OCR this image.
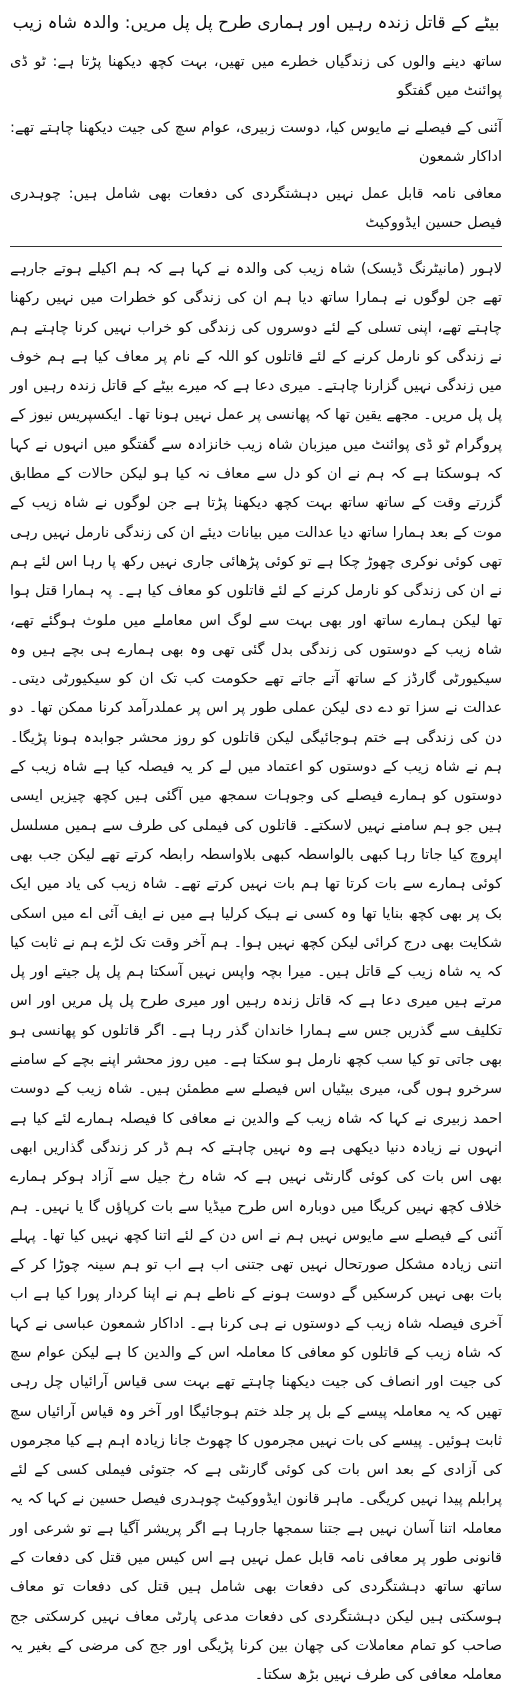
بیٹے کے قاتل زندہ رہیں اور ہماری طرح پل پل مریں: والدہ شاہ زیب

ساتھ دینے والوں کی زندگیاں خطرے میں تھیں، بہت کچھ دیکھنا پڑتا ہے: ٹو ڈی پوائنٹ میں گفتگو

آئنی کے فیصلے نے مایوس کیا، دوست زبیری، عوام سچ کی جیت دیکھنا چاہتے تھے: اداکار شمعون

معافی نامہ قابل عمل نہیں دہشتگردی کی دفعات بھی شامل ہیں: چوہدری فیصل حسین ایڈووکیٹ

لاہور (مانیٹرنگ ڈیسک) شاہ زیب کی والدہ نے کہا ہے کہ ہم اکیلے ہوتے جارہے تھے جن لوگوں نے ہمارا ساتھ دیا ہم ان کی زندگی کو خطرات میں نہیں رکھنا چاہتے تھے، اپنی تسلی کے لئے دوسروں کی زندگی کو خراب نہیں کرنا چاہتے ہم نے زندگی کو نارمل کرنے کے لئے قاتلوں کو اللہ کے نام پر معاف کیا ہے ہم خوف میں زندگی نہیں گزارنا چاہتے۔ میری دعا ہے کہ میرے بیٹے کے قاتل زندہ رہیں اور پل پل مریں۔ مجھے یقین تھا کہ پھانسی پر عمل نہیں ہونا تھا۔ ایکسپریس نیوز کے پروگرام ٹو ڈی پوائنٹ میں میزبان شاہ زیب خانزادہ سے گفتگو میں انہوں نے کہا کہ ہوسکتا ہے کہ ہم نے ان کو دل سے معاف نہ کیا ہو لیکن حالات کے مطابق گزرتے وقت کے ساتھ ساتھ بہت کچھ دیکھنا پڑتا ہے جن لوگوں نے شاہ زیب کے موت کے بعد ہمارا ساتھ دیا عدالت میں بیانات دیئے ان کی زندگی نارمل نہیں رہی تھی کوئی نوکری چھوڑ چکا ہے تو کوئی پڑھائی جاری نہیں رکھ پا رہا اس لئے ہم نے ان کی زندگی کو نارمل کرنے کے لئے قاتلوں کو معاف کیا ہے۔ پہ ہمارا قتل ہوا تھا لیکن ہمارے ساتھ اور بھی بہت سے لوگ اس معاملے میں ملوث ہوگئے تھے، شاہ زیب کے دوستوں کی زندگی بدل گئی تھی وہ بھی ہمارے ہی بچے ہیں وہ سیکیورٹی گارڈز کے ساتھ آتے جاتے تھے حکومت کب تک ان کو سیکیورٹی دیتی۔ عدالت نے سزا تو دے دی لیکن عملی طور پر اس پر عملدرآمد کرنا ممکن تھا۔ دو دن کی زندگی ہے ختم ہوجائیگی لیکن قاتلوں کو روز محشر جوابدہ ہونا پڑیگا۔ ہم نے شاہ زیب کے دوستوں کو اعتماد میں لے کر یہ فیصلہ کیا ہے شاہ زیب کے دوستوں کو ہمارے فیصلے کی وجوہات سمجھ میں آگئی ہیں کچھ چیزیں ایسی ہیں جو ہم سامنے نہیں لاسکتے۔ قاتلوں کی فیملی کی طرف سے ہمیں مسلسل اپروچ کیا جاتا رہا کبھی بالواسطہ کبھی بلاواسطہ رابطہ کرتے تھے لیکن جب بھی کوئی ہمارے سے بات کرتا تھا ہم بات نہیں کرتے تھے۔ شاہ زیب کی یاد میں ایک بک پر بھی کچھ بنایا تھا وہ کسی نے ہیک کرلیا ہے میں نے ایف آئی اے میں اسکی شکایت بھی درج کرائی لیکن کچھ نہیں ہوا۔ ہم آخر وقت تک لڑے ہم نے ثابت کیا کہ یہ شاہ زیب کے قاتل ہیں۔ میرا بچہ واپس نہیں آسکتا ہم پل پل جیتے اور پل مرتے ہیں میری دعا ہے کہ قاتل زندہ رہیں اور میری طرح پل پل مریں اور اس تکلیف سے گذریں جس سے ہمارا خاندان گذر رہا ہے۔ اگر قاتلوں کو پھانسی ہو بھی جاتی تو کیا سب کچھ نارمل ہو سکتا ہے۔ میں روز محشر اپنے بچے کے سامنے سرخرو ہوں گی، میری بیٹیاں اس فیصلے سے مطمئن ہیں۔ شاہ زیب کے دوست احمد زبیری نے کہا کہ شاہ زیب کے والدین نے معافی کا فیصلہ ہمارے لئے کیا ہے انہوں نے زیادہ دنیا دیکھی ہے وہ نہیں چاہتے کہ ہم ڈر کر زندگی گذاریں ابھی بھی اس بات کی کوئی گارنٹی نہیں ہے کہ شاہ رخ جیل سے آزاد ہوکر ہمارے خلاف کچھ نہیں کریگا میں دوبارہ اس طرح میڈیا سے بات کرپاؤں گا یا نہیں۔ ہم آئنی کے فیصلے سے مایوس نہیں ہم نے اس دن کے لئے اتنا کچھ نہیں کیا تھا۔ پہلے اتنی زیادہ مشکل صورتحال نہیں تھی جتنی اب ہے اب تو ہم سینہ چوڑا کر کے بات بھی نہیں کرسکیں گے دوست ہونے کے ناطے ہم نے اپنا کردار پورا کیا ہے اب آخری فیصلہ شاہ زیب کے دوستوں نے ہی کرنا ہے۔ اداکار شمعون عباسی نے کہا کہ شاہ زیب کے قاتلوں کو معافی کا معاملہ اس کے والدین کا ہے لیکن عوام سچ کی جیت اور انصاف کی جیت دیکھنا چاہتے تھے بہت سی قیاس آرائیاں چل رہی تھیں کہ یہ معاملہ پیسے کے بل پر جلد ختم ہوجائیگا اور آخر وہ قیاس آرائیاں سچ ثابت ہوئیں۔ پیسے کی بات نہیں مجرموں کا چھوٹ جانا زیادہ اہم ہے کیا مجرموں کی آزادی کے بعد اس بات کی کوئی گارنٹی ہے کہ جتوئی فیملی کسی کے لئے پرابلم پیدا نہیں کریگی۔ ماہر قانون ایڈووکیٹ چوہدری فیصل حسین نے کہا کہ یہ معاملہ اتنا آسان نہیں ہے جتنا سمجھا جارہا ہے اگر پریشر آگیا ہے تو شرعی اور قانونی طور پر معافی نامہ قابل عمل نہیں ہے اس کیس میں قتل کی دفعات کے ساتھ ساتھ دہشتگردی کی دفعات بھی شامل ہیں قتل کی دفعات تو معاف ہوسکتی ہیں لیکن دہشتگردی کی دفعات مدعی پارٹی معاف نہیں کرسکتی جج صاحب کو تمام معاملات کی چھان بین کرنا پڑیگی اور جج کی مرضی کے بغیر یہ معاملہ معافی کی طرف نہیں بڑھ سکتا۔
